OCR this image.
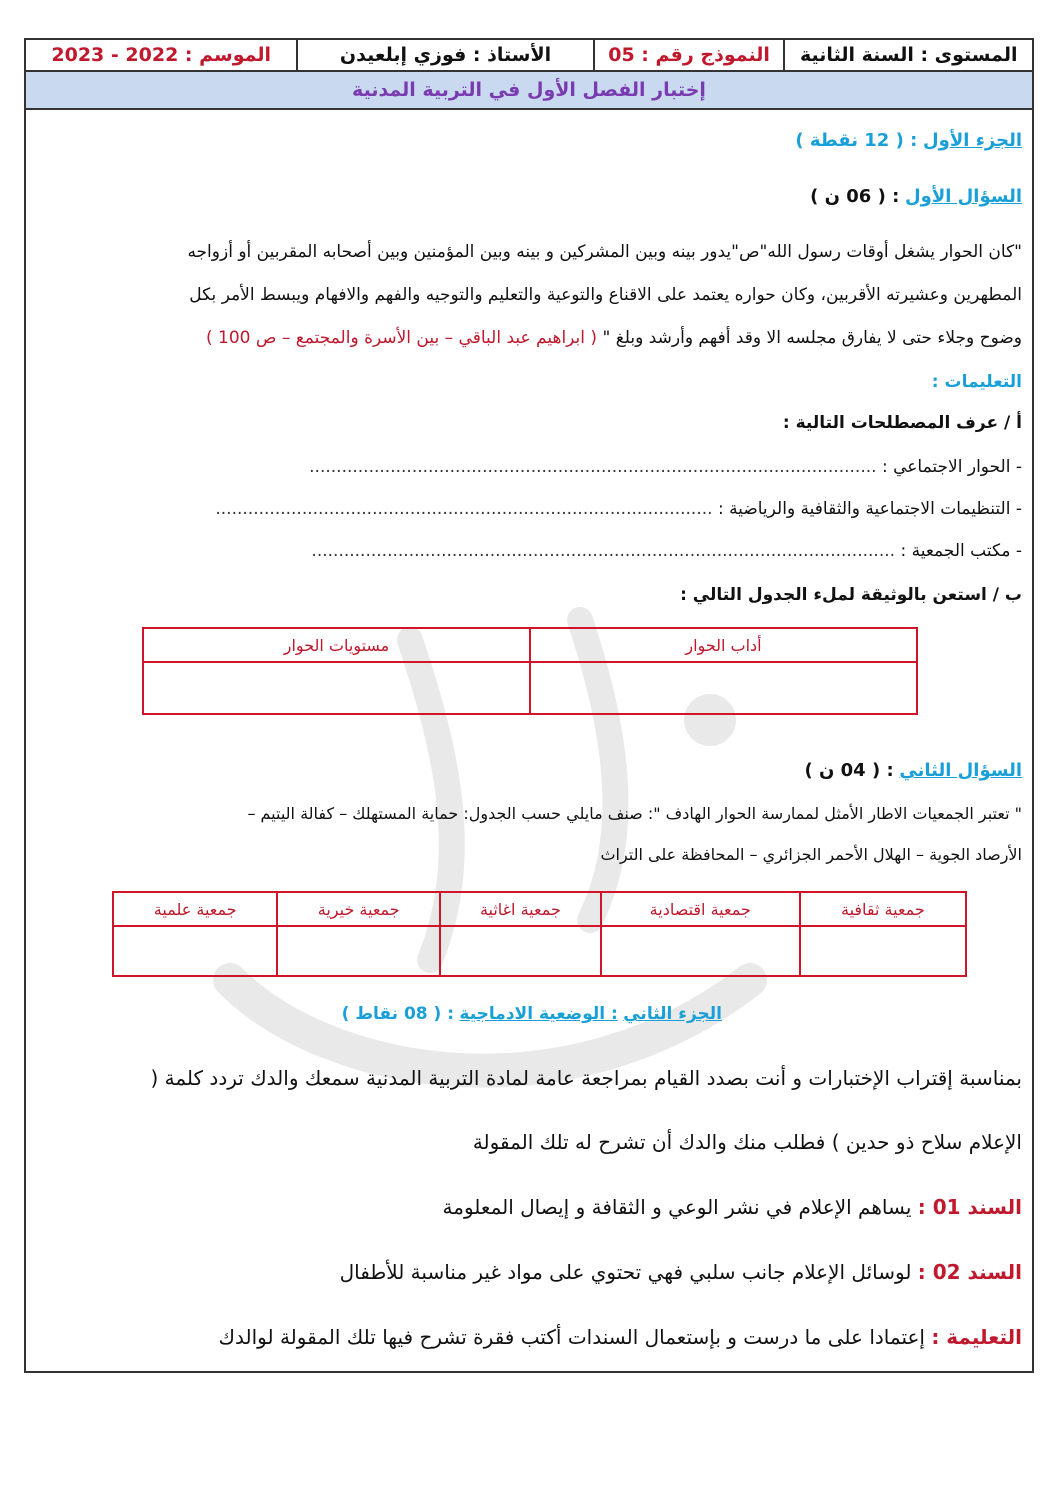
المستوى : السنة الثانية
النموذج رقم : 05
الأستاذ : فوزي إبلعيدن
الموسم : 2022 - 2023
إختبار الفصل الأول في التربية المدنية
الجزء الأول : ( 12 نقطة )
السؤال الأول : ( 06 ن )
"كان الحوار يشغل أوقات رسول الله"ص"يدور بينه وبين المشركين و بينه وبين المؤمنين وبين أصحابه المقربين أو أزواجه
المطهرين وعشيرته الأقربين، وكان حواره يعتمد على الاقناع والتوعية والتعليم والتوجيه والفهم والافهام ويبسط الأمر بكل
وضوح وجلاء حتى لا يفارق مجلسه الا وقد أفهم وأرشد وبلغ " ( ابراهيم عبد الباقي – بين الأسرة والمجتمع – ص 100 )
التعليمات :
أ / عرف المصطلحات التالية :
- الحوار الاجتماعي : .........................................................................................................
- التنظيمات الاجتماعية والثقافية والرياضية : ............................................................................................
- مكتب الجمعية : ............................................................................................................
ب / استعن بالوثيقة لملء الجدول التالي :
أداب الحوار	مستويات الحوار

السؤال الثاني : ( 04 ن )
" تعتبر الجمعيات الاطار الأمثل لممارسة الحوار الهادف ": صنف مايلي حسب الجدول: حماية المستهلك – كفالة اليتيم –
الأرصاد الجوية – الهلال الأحمر الجزائري – المحافظة على التراث
جمعية ثقافية	جمعية اقتصادية	جمعية اغاثية	جمعية خيرية	جمعية علمية

الجزء الثاني : الوضعية الادماجية : ( 08 نقاط )
بمناسبة إقتراب الإختبارات و أنت بصدد القيام بمراجعة عامة لمادة التربية المدنية سمعك والدك تردد كلمة (
الإعلام سلاح ذو حدين ) فطلب منك والدك أن تشرح له تلك المقولة
السند 01 : يساهم الإعلام في نشر الوعي و الثقافة و إيصال المعلومة
السند 02 : لوسائل الإعلام جانب سلبي فهي تحتوي على مواد غير مناسبة للأطفال
التعليمة : إعتمادا على ما درست و بإستعمال السندات أكتب فقرة تشرح فيها تلك المقولة لوالدك
